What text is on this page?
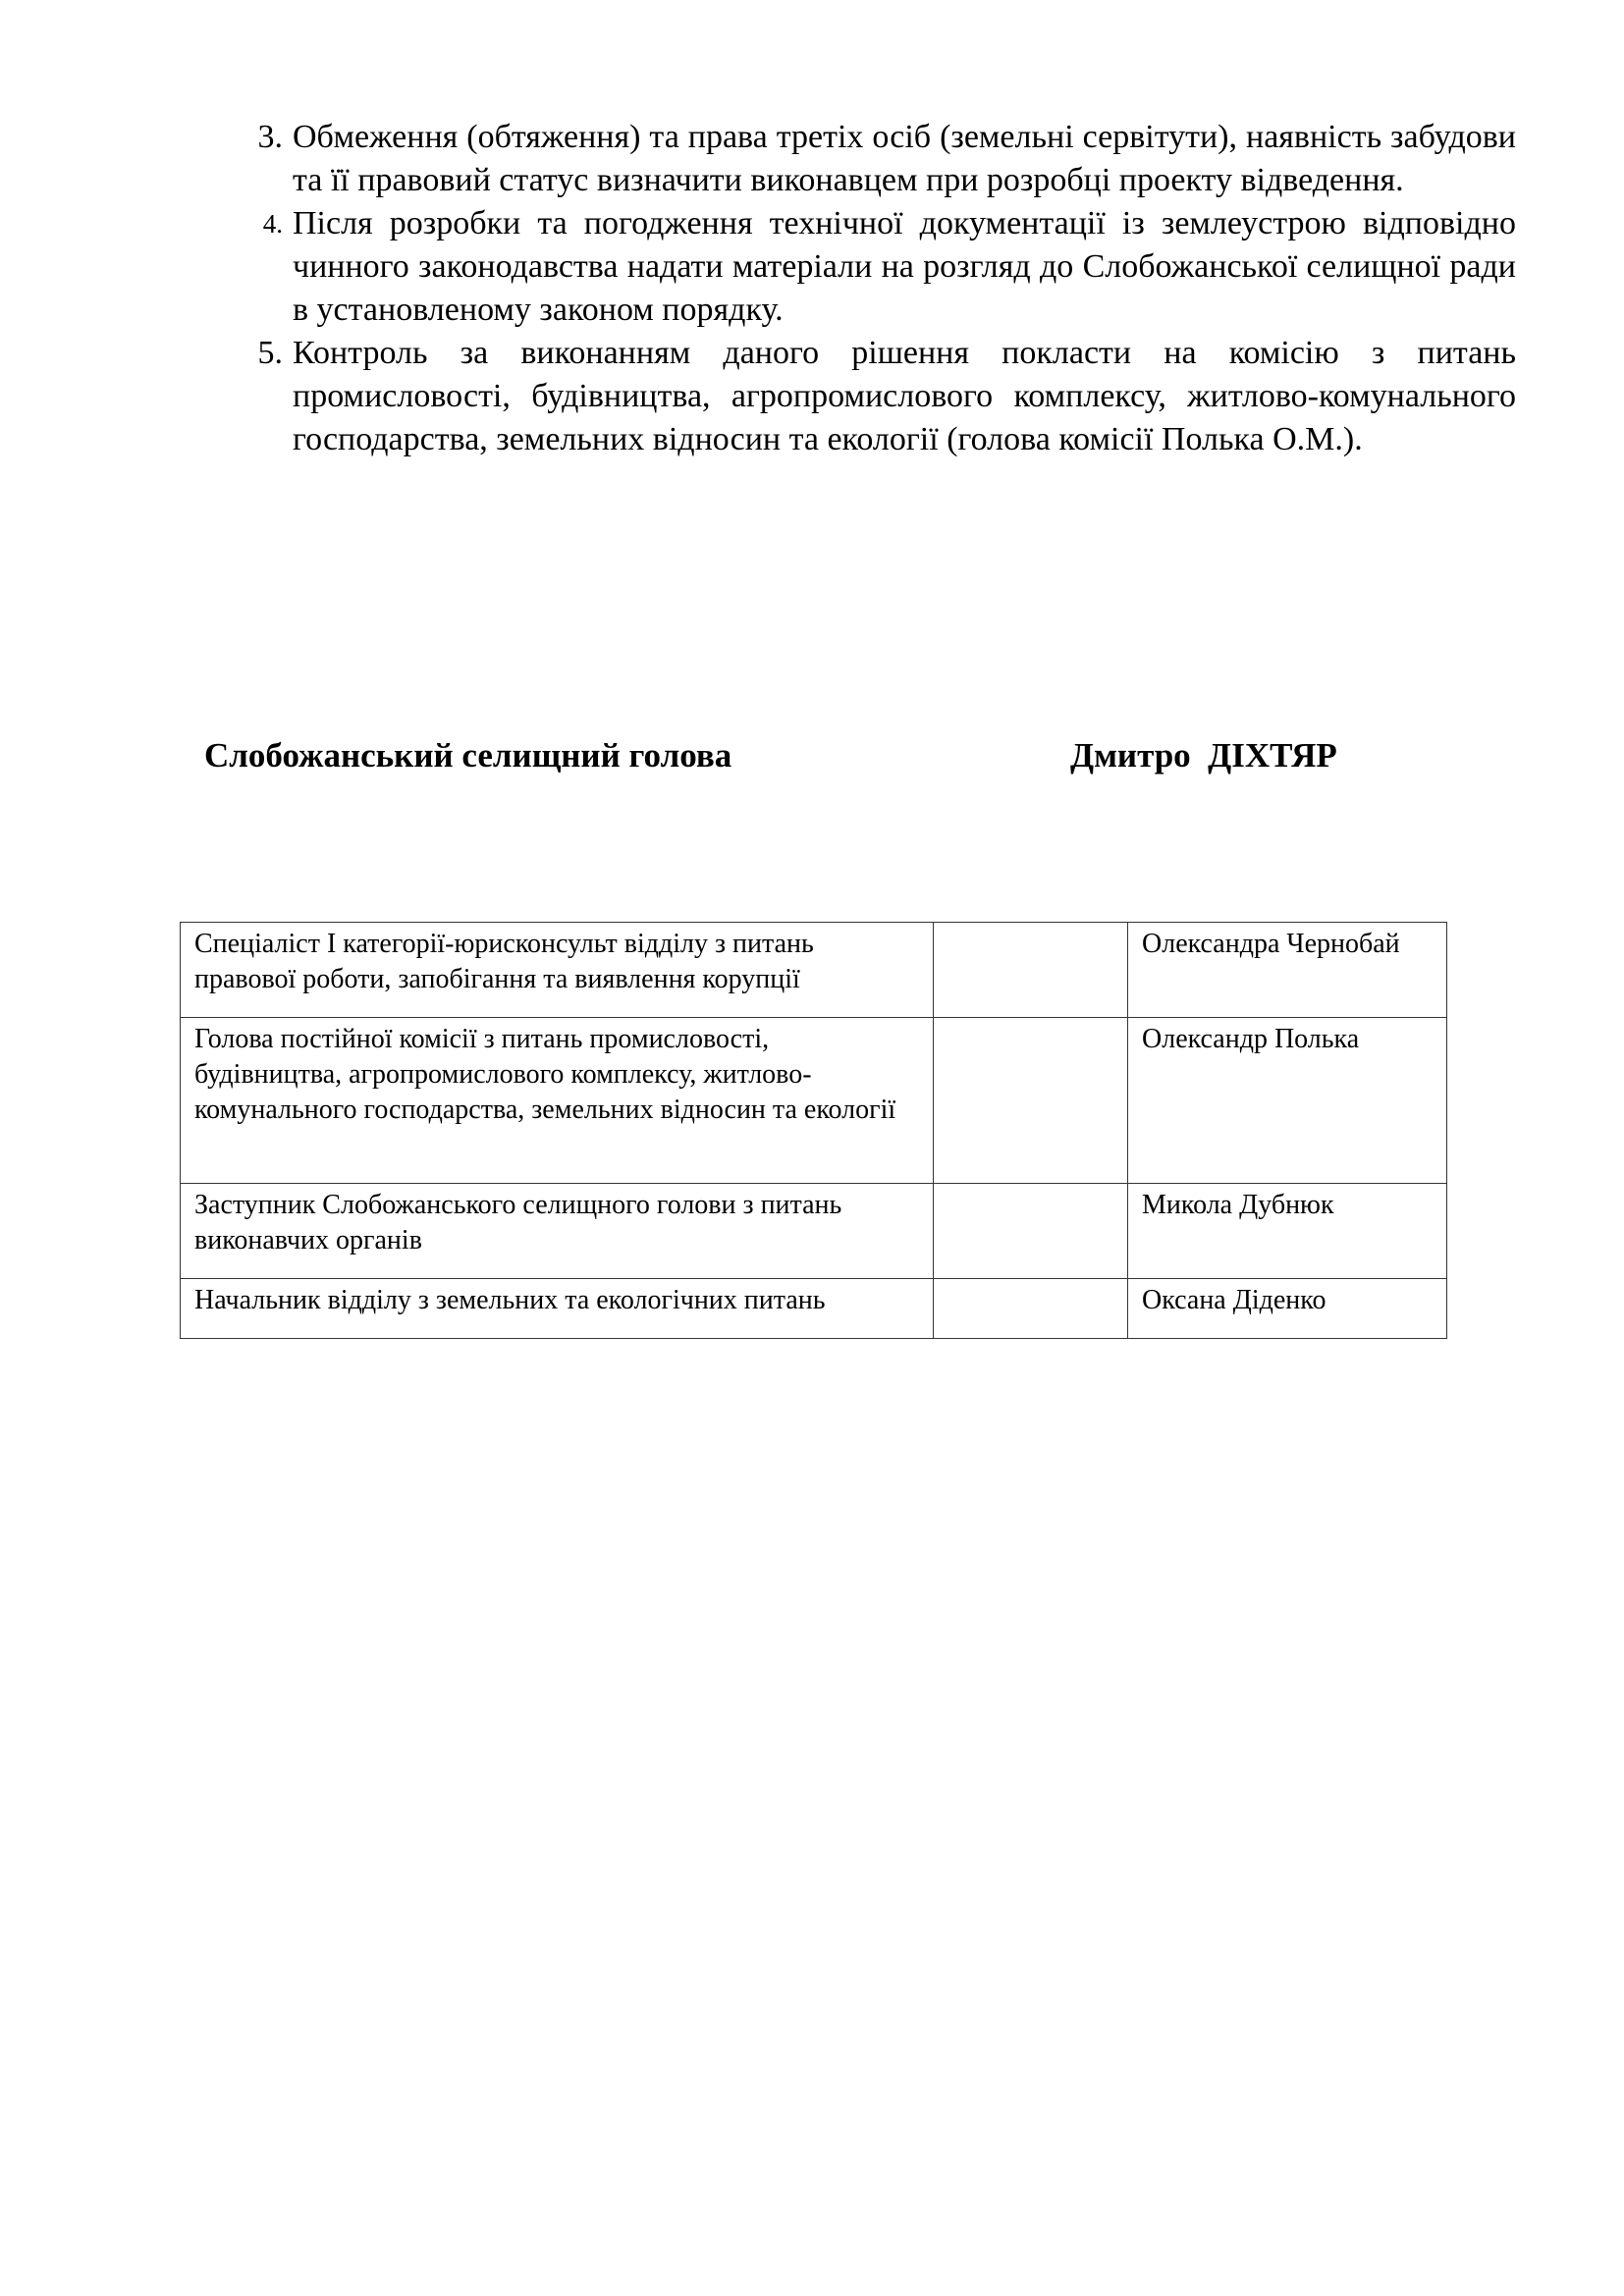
3. Обмеження (обтяження) та права третіх осіб (земельні сервітути), наявність забудови та її правовий статус визначити виконавцем при розробці проекту відведення.
4. Після розробки та погодження технічної документації із землеустрою відповідно чинного законодавства надати матеріали на розгляд до Слобожанської селищної ради в установленому законом порядку.
5. Контроль за виконанням даного рішення покласти на комісію з питань промисловості, будівництва, агропромислового комплексу, житлово-комунального господарства, земельних відносин та екології (голова комісії Полька О.М.).
Слобожанський селищний голова	Дмитро  ДІХТЯР
Спеціаліст І категорії-юрисконсульт відділу з питань правової роботи, запобігання та виявлення корупції		Олександра Чернобай
Голова постійної комісії з питань промисловості, будівництва, агропромислового комплексу, житлово-комунального господарства, земельних відносин та екології		Олександр Полька
Заступник Слобожанського селищного голови з питань виконавчих органів		Микола Дубнюк
Начальник відділу з земельних та екологічних питань		Оксана Діденко
